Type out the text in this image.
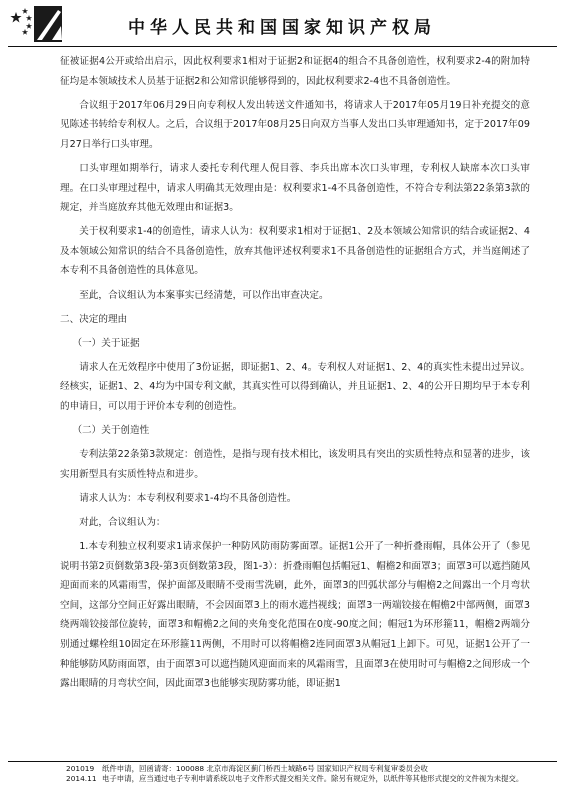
中华人民共和国国家知识产权局

征被证据4公开或给出启示，因此权利要求1相对于证据2和证据4的组合不具备创造性，权利要求2-4的附加特征均是本领域技术人员基于证据2和公知常识能够得到的，因此权利要求2-4也不具备创造性。

合议组于2017年06月29日向专利权人发出转送文件通知书，将请求人于2017年05月19日补充提交的意见陈述书转给专利权人。之后，合议组于2017年08月25日向双方当事人发出口头审理通知书，定于2017年09月27日举行口头审理。

口头审理如期举行，请求人委托专利代理人倪目蓉、李兵出席本次口头审理，专利权人缺席本次口头审理。在口头审理过程中，请求人明确其无效理由是：权利要求1-4不具备创造性，不符合专利法第22条第3款的规定，并当庭放弃其他无效理由和证据3。

关于权利要求1-4的创造性，请求人认为：权利要求1相对于证据1、2及本领域公知常识的结合或证据2、4及本领域公知常识的结合不具备创造性，放弃其他评述权利要求1不具备创造性的证据组合方式，并当庭阐述了本专利不具备创造性的具体意见。

至此，合议组认为本案事实已经清楚，可以作出审查决定。

二、决定的理由

（一）关于证据

请求人在无效程序中使用了3份证据，即证据1、2、4。专利权人对证据1、2、4的真实性未提出过异议。经核实，证据1、2、4均为中国专利文献，其真实性可以得到确认，并且证据1、2、4的公开日期均早于本专利的申请日，可以用于评价本专利的创造性。

（二）关于创造性

专利法第22条第3款规定：创造性，是指与现有技术相比，该发明具有突出的实质性特点和显著的进步，该实用新型具有实质性特点和进步。

请求人认为：本专利权利要求1-4均不具备创造性。

对此，合议组认为：

1.本专利独立权利要求1请求保护一种防风防雨防雾面罩。证据1公开了一种折叠雨帽，具体公开了（参见说明书第2页倒数第3段-第3页倒数第3段，图1-3）：折叠雨帽包括帽冠1、帽檐2和面罩3；面罩3可以遮挡随风迎面而来的风霜雨雪，保护面部及眼睛不受雨雪洗刷，此外，面罩3的凹弧状部分与帽檐2之间露出一个月弯状空间，这部分空间正好露出眼睛，不会因面罩3上的雨水遮挡视线；面罩3一两端铰接在帽檐2中部两侧，面罩3绕两端铰接部位旋转，面罩3和帽檐2之间的夹角变化范围在0度-90度之间；帽冠1为环形箍11，帽檐2两端分别通过螺栓组10固定在环形箍11两侧，不用时可以将帽檐2连同面罩3从帽冠1上卸下。可见，证据1公开了一种能够防风防雨面罩，由于面罩3可以遮挡随风迎面而来的风霜雨雪，且面罩3在使用时可与帽檐2之间形成一个露出眼睛的月弯状空间，因此面罩3也能够实现防雾功能，即证据1

201019	纸件申请，回函请寄：100088 北京市海淀区蓟门桥西土城路6号 国家知识产权局专利复审委员会收
2014.11 电子申请，应当通过电子专利申请系统以电子文件形式提交相关文件。除另有规定外，以纸件等其他形式提交的文件视为未提交。
